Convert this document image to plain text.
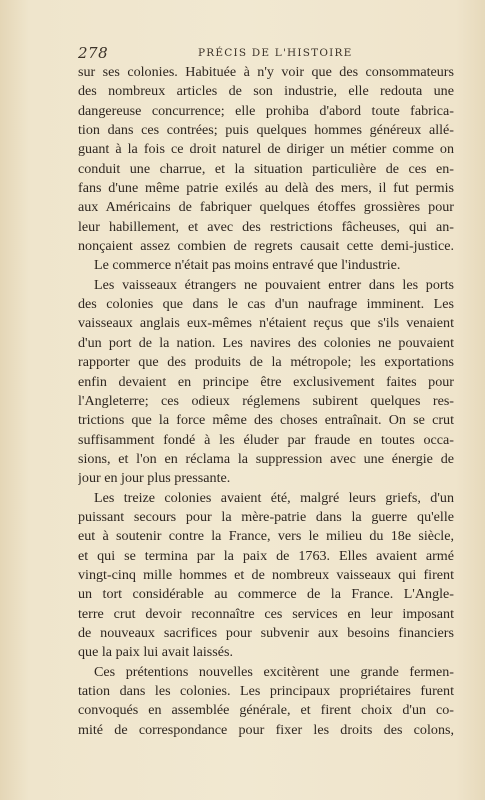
278	PRÉCIS DE L'HISTOIRE
sur ses colonies. Habituée à n'y voir que des consommateurs
des nombreux articles de son industrie, elle redouta une
dangereuse concurrence; elle prohiba d'abord toute fabrica-
tion dans ces contrées; puis quelques hommes généreux allé-
guant à la fois ce droit naturel de diriger un métier comme on
conduit une charrue, et la situation particulière de ces en-
fans d'une même patrie exilés au delà des mers, il fut permis
aux Américains de fabriquer quelques étoffes grossières pour
leur habillement, et avec des restrictions fâcheuses, qui an-
nonçaient assez combien de regrets causait cette demi-justice.
Le commerce n'était pas moins entravé que l'industrie.
Les vaisseaux étrangers ne pouvaient entrer dans les ports
des colonies que dans le cas d'un naufrage imminent. Les
vaisseaux anglais eux-mêmes n'étaient reçus que s'ils venaient
d'un port de la nation. Les navires des colonies ne pouvaient
rapporter que des produits de la métropole; les exportations
enfin devaient en principe être exclusivement faites pour
l'Angleterre; ces odieux réglemens subirent quelques res-
trictions que la force même des choses entraînait. On se crut
suffisamment fondé à les éluder par fraude en toutes occa-
sions, et l'on en réclama la suppression avec une énergie de
jour en jour plus pressante.
Les treize colonies avaient été, malgré leurs griefs, d'un
puissant secours pour la mère-patrie dans la guerre qu'elle
eut à soutenir contre la France, vers le milieu du 18e siècle,
et qui se termina par la paix de 1763. Elles avaient armé
vingt-cinq mille hommes et de nombreux vaisseaux qui firent
un tort considérable au commerce de la France. L'Angle-
terre crut devoir reconnaître ces services en leur imposant
de nouveaux sacrifices pour subvenir aux besoins financiers
que la paix lui avait laissés.
Ces prétentions nouvelles excitèrent une grande fermen-
tation dans les colonies. Les principaux propriétaires furent
convoqués en assemblée générale, et firent choix d'un co-
mité de correspondance pour fixer les droits des colons,
